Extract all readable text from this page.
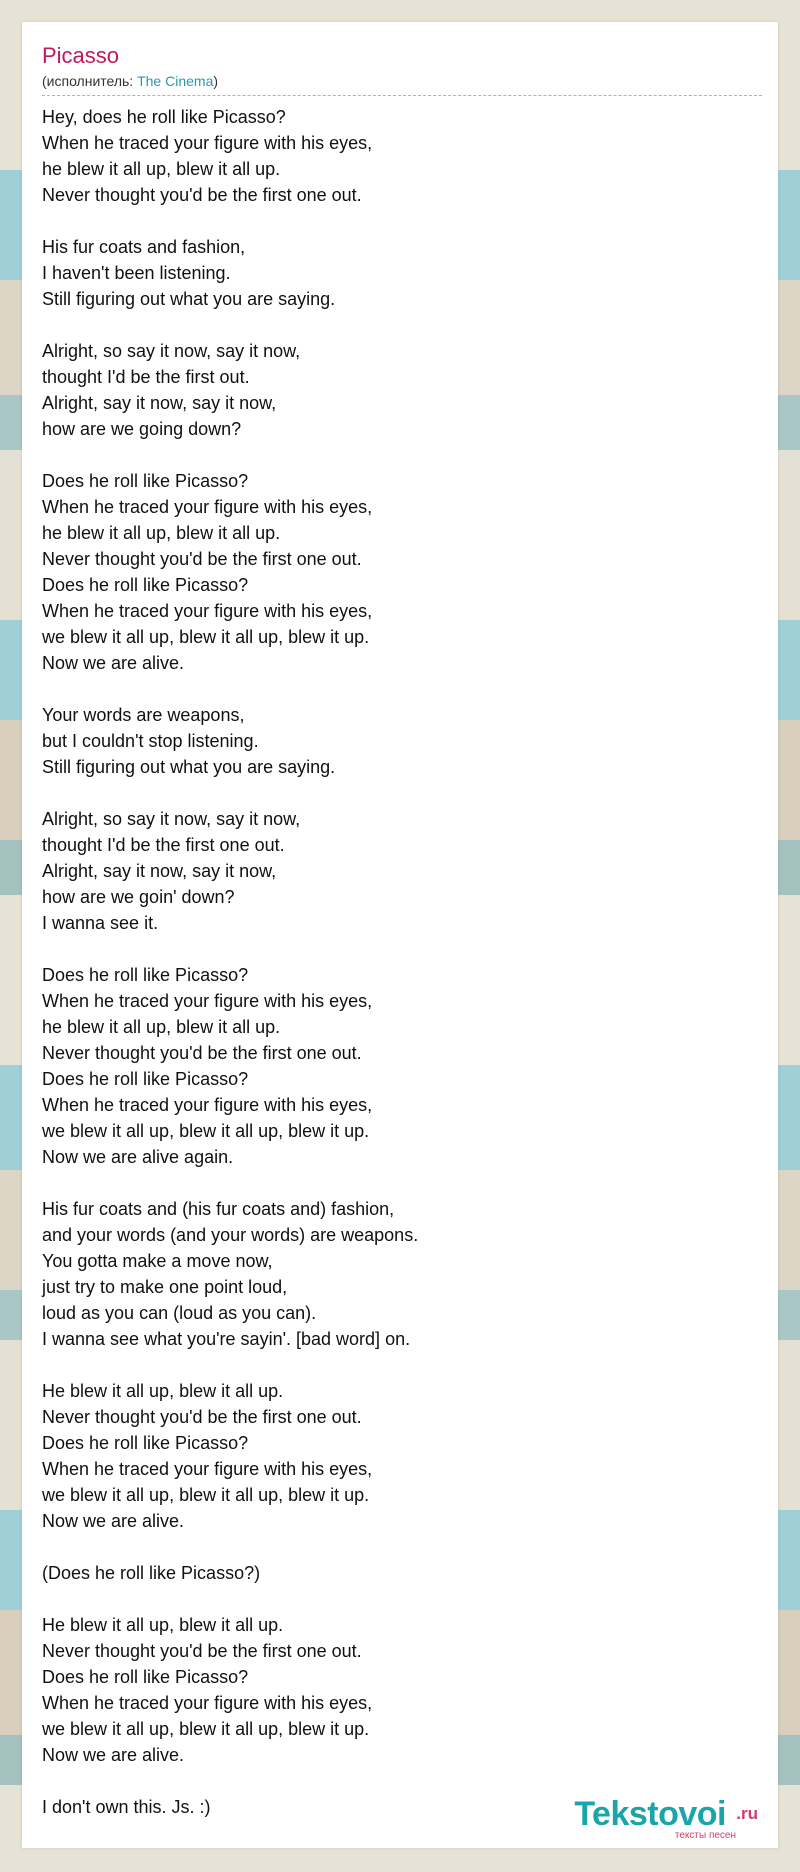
Picasso
(исполнитель: The Cinema)
Hey, does he roll like Picasso?
When he traced your figure with his eyes,
he blew it all up, blew it all up.
Never thought you'd be the first one out.

His fur coats and fashion,
I haven't been listening.
Still figuring out what you are saying.

Alright, so say it now, say it now,
thought I'd be the first out.
Alright, say it now, say it now,
how are we going down?

Does he roll like Picasso?
When he traced your figure with his eyes,
he blew it all up, blew it all up.
Never thought you'd be the first one out.
Does he roll like Picasso?
When he traced your figure with his eyes,
we blew it all up, blew it all up, blew it up.
Now we are alive.

Your words are weapons,
but I couldn't stop listening.
Still figuring out what you are saying.

Alright, so say it now, say it now,
thought I'd be the first one out.
Alright, say it now, say it now,
how are we goin' down?
I wanna see it.

Does he roll like Picasso?
When he traced your figure with his eyes,
he blew it all up, blew it all up.
Never thought you'd be the first one out.
Does he roll like Picasso?
When he traced your figure with his eyes,
we blew it all up, blew it all up, blew it up.
Now we are alive again.

His fur coats and (his fur coats and) fashion,
and your words (and your words) are weapons.
You gotta make a move now,
just try to make one point loud,
loud as you can (loud as you can).
I wanna see what you're sayin'. [bad word] on.

He blew it all up, blew it all up.
Never thought you'd be the first one out.
Does he roll like Picasso?
When he traced your figure with his eyes,
we blew it all up, blew it all up, blew it up.
Now we are alive.

(Does he roll like Picasso?)

He blew it all up, blew it all up.
Never thought you'd be the first one out.
Does he roll like Picasso?
When he traced your figure with his eyes,
we blew it all up, blew it all up, blew it up.
Now we are alive.

I don't own this. Js. :)	Tekstovoi .ru
тексты песен
